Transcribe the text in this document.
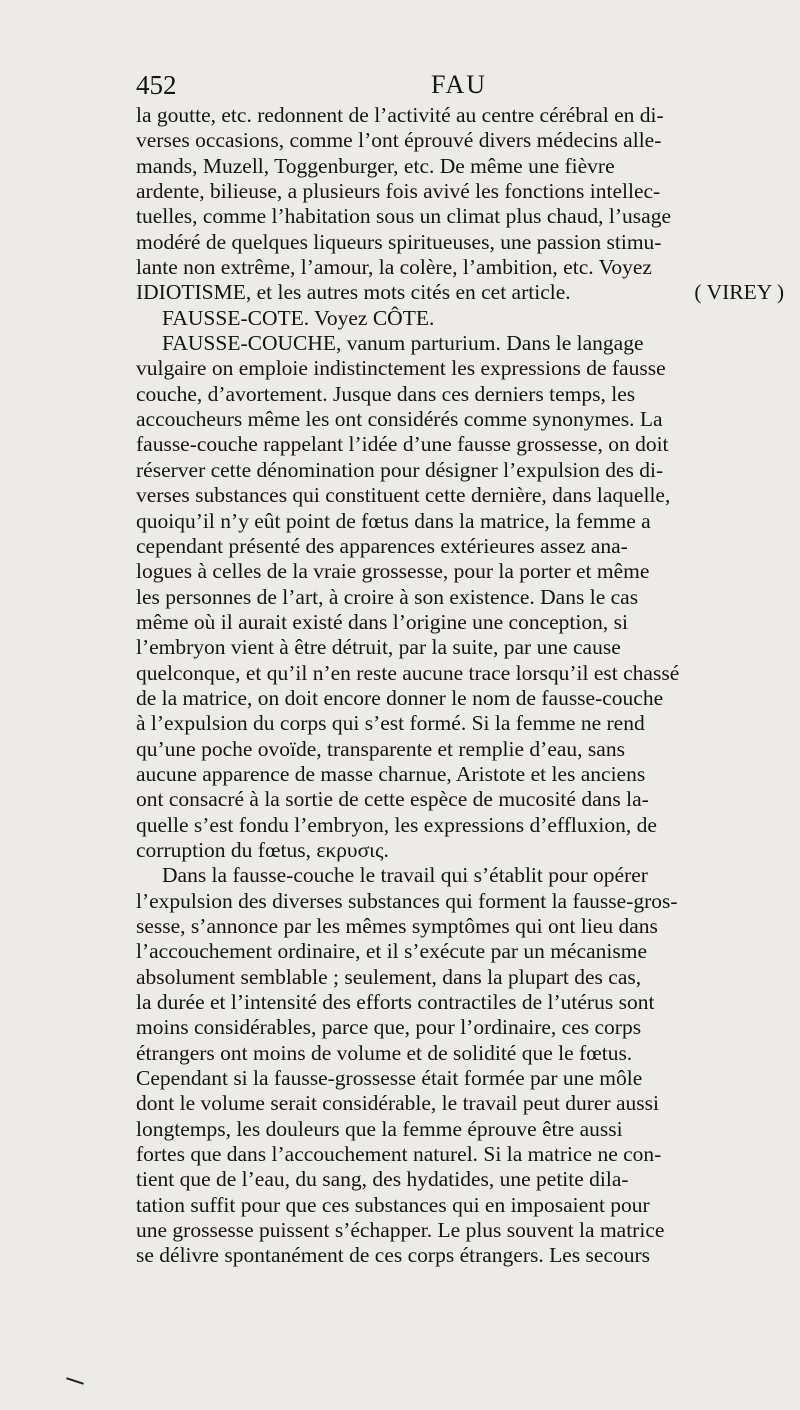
452	FAU
la goutte, etc. redonnent de l’activité au centre cérébral en di-
verses occasions, comme l’ont éprouvé divers médecins alle-
mands, Muzell, Toggenburger, etc. De même une fièvre
ardente, bilieuse, a plusieurs fois avivé les fonctions intellec-
tuelles, comme l’habitation sous un climat plus chaud, l’usage
modéré de quelques liqueurs spiritueuses, une passion stimu-
lante non extrême, l’amour, la colère, l’ambition, etc. Voyez
IDIOTISME, et les autres mots cités en cet article.	( VIREY )
FAUSSE-COTE. Voyez CÔTE.
FAUSSE-COUCHE, vanum parturium. Dans le langage
vulgaire on emploie indistinctement les expressions de fausse
couche, d’avortement. Jusque dans ces derniers temps, les
accoucheurs même les ont considérés comme synonymes. La
fausse-couche rappelant l’idée d’une fausse grossesse, on doit
réserver cette dénomination pour désigner l’expulsion des di-
verses substances qui constituent cette dernière, dans laquelle,
quoiqu’il n’y eût point de fœtus dans la matrice, la femme a
cependant présenté des apparences extérieures assez ana-
logues à celles de la vraie grossesse, pour la porter et même
les personnes de l’art, à croire à son existence. Dans le cas
même où il aurait existé dans l’origine une conception, si
l’embryon vient à être détruit, par la suite, par une cause
quelconque, et qu’il n’en reste aucune trace lorsqu’il est chassé
de la matrice, on doit encore donner le nom de fausse-couche
à l’expulsion du corps qui s’est formé. Si la femme ne rend
qu’une poche ovoïde, transparente et remplie d’eau, sans
aucune apparence de masse charnue, Aristote et les anciens
ont consacré à la sortie de cette espèce de mucosité dans la-
quelle s’est fondu l’embryon, les expressions d’effluxion, de
corruption du fœtus, εκρυσις.
Dans la fausse-couche le travail qui s’établit pour opérer
l’expulsion des diverses substances qui forment la fausse-gros-
sesse, s’annonce par les mêmes symptômes qui ont lieu dans
l’accouchement ordinaire, et il s’exécute par un mécanisme
absolument semblable ; seulement, dans la plupart des cas,
la durée et l’intensité des efforts contractiles de l’utérus sont
moins considérables, parce que, pour l’ordinaire, ces corps
étrangers ont moins de volume et de solidité que le fœtus.
Cependant si la fausse-grossesse était formée par une môle
dont le volume serait considérable, le travail peut durer aussi
longtemps, les douleurs que la femme éprouve être aussi
fortes que dans l’accouchement naturel. Si la matrice ne con-
tient que de l’eau, du sang, des hydatides, une petite dila-
tation suffit pour que ces substances qui en imposaient pour
une grossesse puissent s’échapper. Le plus souvent la matrice
se délivre spontanément de ces corps étrangers. Les secours
